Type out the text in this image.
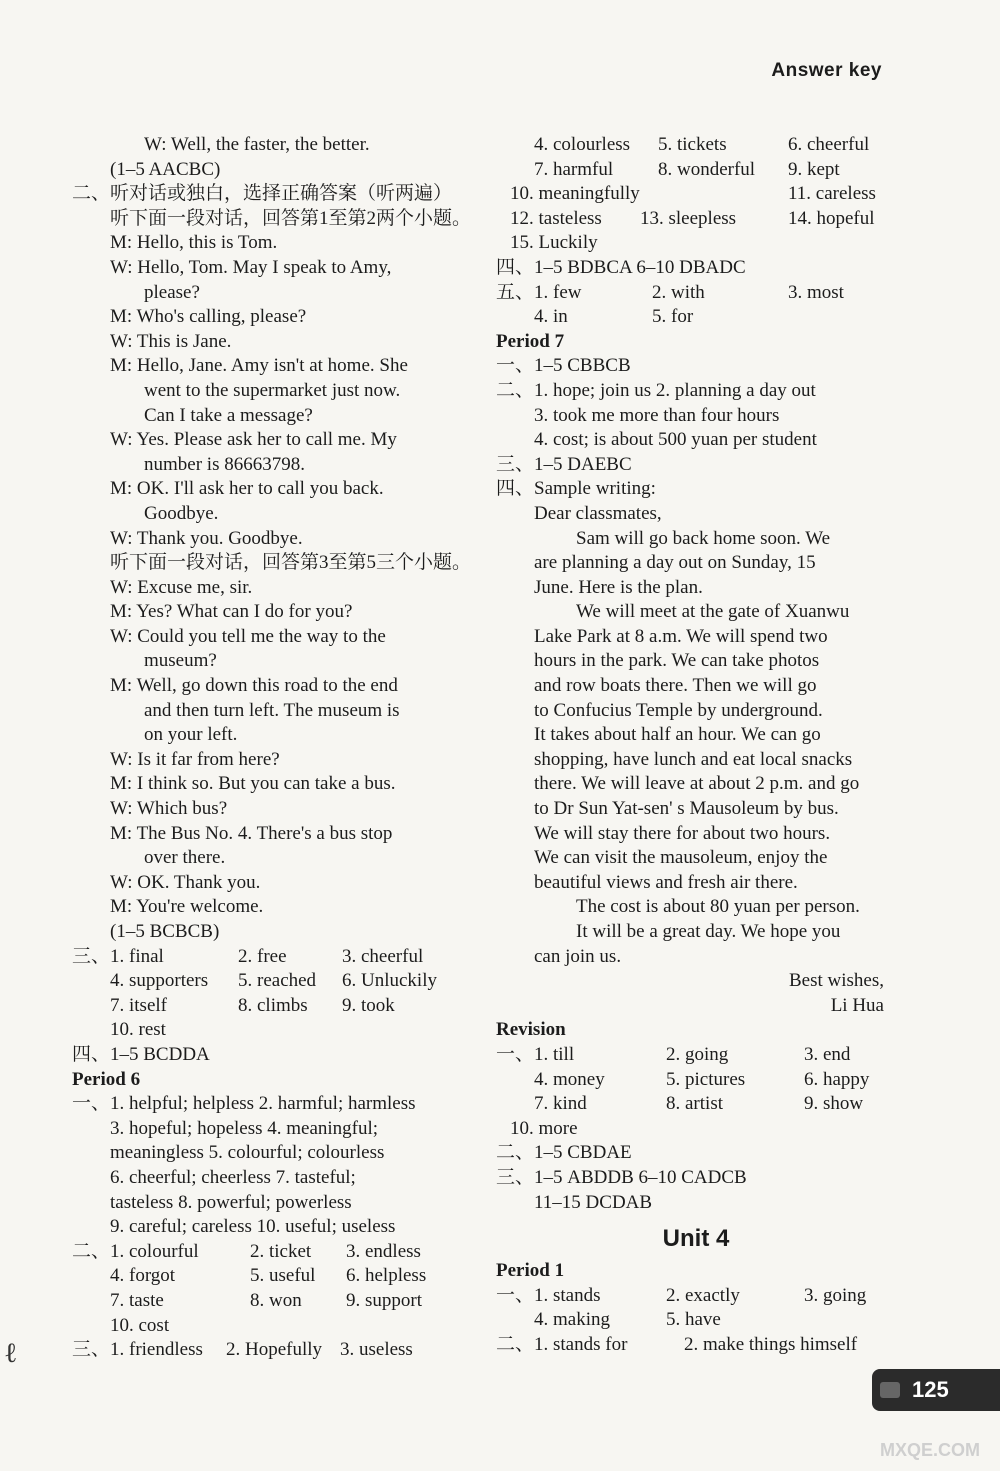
Answer key
W: Well, the faster, the better.
(1–5 AACBC)
二、听对话或独白，选择正确答案（听两遍）
听下面一段对话，回答第1至第2两个小题。
M: Hello, this is Tom.
W: Hello, Tom. May I speak to Amy,
please?
M: Who's calling, please?
W: This is Jane.
M: Hello, Jane. Amy isn't at home. She
went to the supermarket just now.
Can I take a message?
W: Yes. Please ask her to call me. My
number is 86663798.
M: OK. I'll ask her to call you back.
Goodbye.
W: Thank you. Goodbye.
听下面一段对话，回答第3至第5三个小题。
W: Excuse me, sir.
M: Yes? What can I do for you?
W: Could you tell me the way to the
museum?
M: Well, go down this road to the end
and then turn left. The museum is
on your left.
W: Is it far from here?
M: I think so. But you can take a bus.
W: Which bus?
M: The Bus No. 4. There's a bus stop
over there.
W: OK. Thank you.
M: You're welcome.
(1–5 BCBCB)
三、1. final	2. free	3. cheerful
4. supporters 5. reached 6. Unluckily
7. itself	8. climbs 9. took
10. rest
四、1–5 BCDDA
Period 6
一、1. helpful; helpless 2. harmful; harmless
3. hopeful; hopeless 4. meaningful;
meaningless 5. colourful; colourless
6. cheerful; cheerless 7. tasteful;
tasteless 8. powerful; powerless
9. careful; careless 10. useful; useless
二、1. colourful	2. ticket 3. endless
4. forgot	5. useful 6. helpless
7. taste	8. won 9. support
10. cost
三、1. friendless 2. Hopefully 3. useless
4. colourless 5. tickets	6. cheerful
7. harmful 8. wonderful 9. kept
10. meaningfully	11. careless
12. tasteless 13. sleepless	14. hopeful
15. Luckily
四、1–5 BDBCA 6–10 DBADC
五、1. few	2. with	3. most
4. in	5. for
Period 7
一、1–5 CBBCB
二、1. hope; join us 2. planning a day out
3. took me more than four hours
4. cost; is about 500 yuan per student
三、1–5 DAEBC
四、Sample writing:
Dear classmates,
Sam will go back home soon. We
are planning a day out on Sunday, 15
June. Here is the plan.
We will meet at the gate of Xuanwu
Lake Park at 8 a.m. We will spend two
hours in the park. We can take photos
and row boats there. Then we will go
to Confucius Temple by underground.
It takes about half an hour. We can go
shopping, have lunch and eat local snacks
there. We will leave at about 2 p.m. and go
to Dr Sun Yat-sen' s Mausoleum by bus.
We will stay there for about two hours.
We can visit the mausoleum, enjoy the
beautiful views and fresh air there.
The cost is about 80 yuan per person.
It will be a great day. We hope you
can join us.
Best wishes,
Li Hua
Revision
一、1. till	2. going	3. end
4. money	5. pictures	6. happy
7. kind	8. artist	9. show
10. more
二、1–5 CBDAE
三、1–5 ABDDB 6–10 CADCB
11–15 DCDAB
Unit 4
Period 1
一、1. stands	2. exactly	3. going
4. making	5. have
二、1. stands for	2. make things himself
ℓ
125
MXQE.COM
